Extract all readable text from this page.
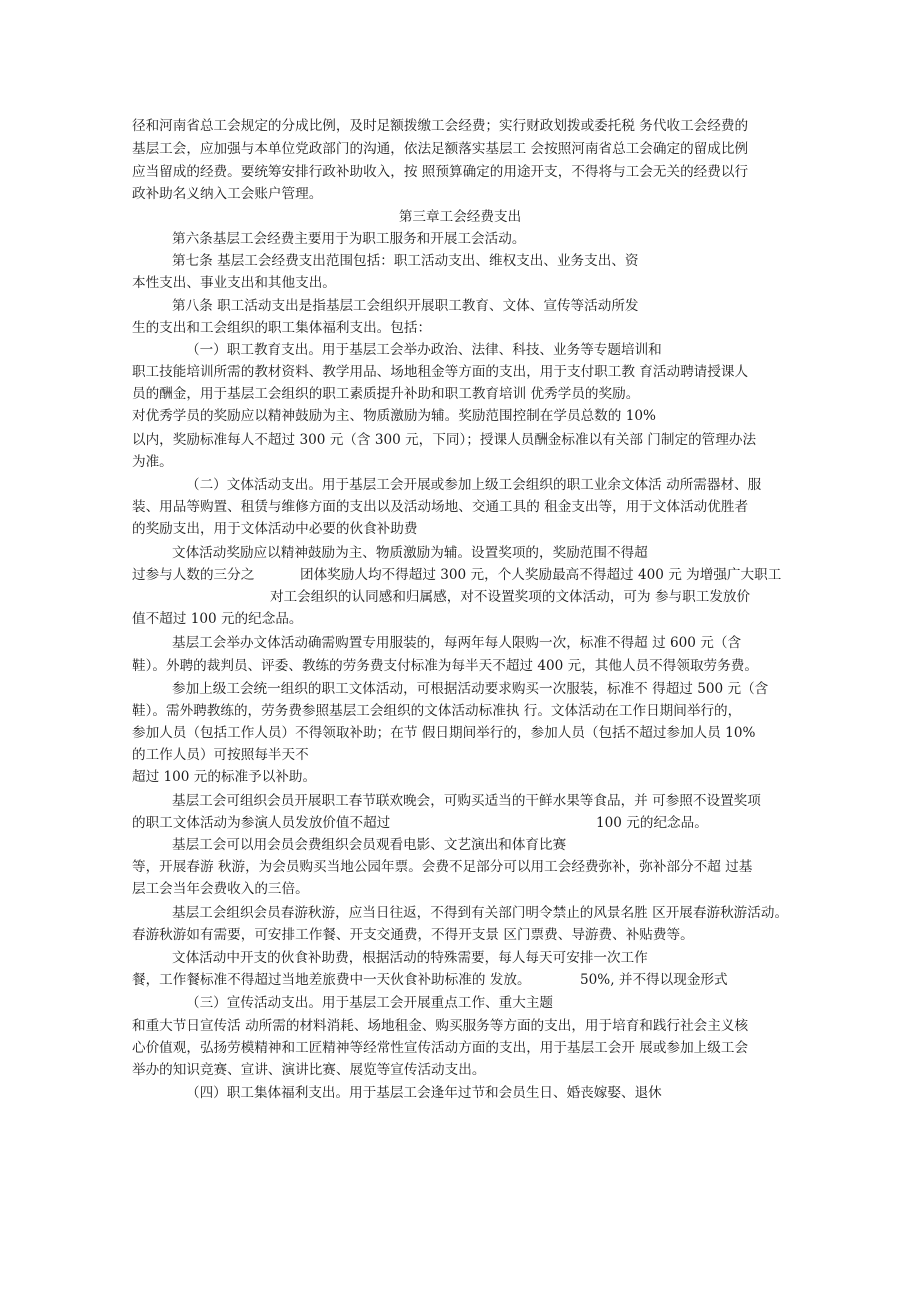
径和河南省总工会规定的分成比例，及时足额拨缴工会经费；实行财政划拨或委托税 务代收工会经费的
基层工会，应加强与本单位党政部门的沟通，依法足额落实基层工 会按照河南省总工会确定的留成比例
应当留成的经费。要统筹安排行政补助收入，按 照预算确定的用途开支，不得将与工会无关的经费以行
政补助名义纳入工会账户管理。
第三章工会经费支出
第六条基层工会经费主要用于为职工服务和开展工会活动。
第七条 基层工会经费支出范围包括：职工活动支出、维权支出、业务支出、资
本性支出、事业支出和其他支出。
第八条 职工活动支出是指基层工会组织开展职工教育、文体、宣传等活动所发
生的支出和工会组织的职工集体福利支出。包括：
（一）职工教育支出。用于基层工会举办政治、法律、科技、业务等专题培训和
职工技能培训所需的教材资料、教学用品、场地租金等方面的支出，用于支付职工教 育活动聘请授课人
员的酬金，用于基层工会组织的职工素质提升补助和职工教育培训 优秀学员的奖励。
对优秀学员的奖励应以精神鼓励为主、物质激励为辅。奖励范围控制在学员总数的 10%
以内，奖励标准每人不超过 300 元（含 300 元，下同）；授课人员酬金标准以有关部 门制定的管理办法
为准。
（二）文体活动支出。用于基层工会开展或参加上级工会组织的职工业余文体活 动所需器材、服
装、用品等购置、租赁与维修方面的支出以及活动场地、交通工具的 租金支出等，用于文体活动优胜者
的奖励支出，用于文体活动中必要的伙食补助费
文体活动奖励应以精神鼓励为主、物质激励为辅。设置奖项的，奖励范围不得超
过参与人数的三分之	团体奖励人均不得超过 300 元，个人奖励最高不得超过 400 元 为增强广大职工
对工会组织的认同感和归属感，对不设置奖项的文体活动，可为 参与职工发放价
值不超过 100 元的纪念品。
基层工会举办文体活动确需购置专用服装的，每两年每人限购一次，标准不得超 过 600 元（含
鞋）。外聘的裁判员、评委、教练的劳务费支付标准为每半天不超过 400 元，其他人员不得领取劳务费。
参加上级工会统一组织的职工文体活动，可根据活动要求购买一次服装，标准不 得超过 500 元（含
鞋）。需外聘教练的，劳务费参照基层工会组织的文体活动标准执 行。文体活动在工作日期间举行的，
参加人员（包括工作人员）不得领取补助；在节 假日期间举行的，参加人员（包括不超过参加人员 10%
的工作人员）可按照每半天不
超过 100 元的标准予以补助。
基层工会可组织会员开展职工春节联欢晚会，可购买适当的干鲜水果等食品，并 可参照不设置奖项
的职工文体活动为参演人员发放价值不超过	100 元的纪念品。
基层工会可以用会员会费组织会员观看电影、文艺演出和体育比赛
等，开展春游 秋游，为会员购买当地公园年票。会费不足部分可以用工会经费弥补，弥补部分不超 过基
层工会当年会费收入的三倍。
基层工会组织会员春游秋游，应当日往返，不得到有关部门明令禁止的风景名胜 区开展春游秋游活动。
春游秋游如有需要，可安排工作餐、开支交通费，不得开支景 区门票费、导游费、补贴费等。
文体活动中开支的伙食补助费，根据活动的特殊需要，每人每天可安排一次工作
餐，工作餐标准不得超过当地差旅费中一天伙食补助标准的 发放。	50%, 并不得以现金形式
（三）宣传活动支出。用于基层工会开展重点工作、重大主题
和重大节日宣传活 动所需的材料消耗、场地租金、购买服务等方面的支出，用于培育和践行社会主义核
心价值观，弘扬劳模精神和工匠精神等经常性宣传活动方面的支出，用于基层工会开 展或参加上级工会
举办的知识竞赛、宣讲、演讲比赛、展览等宣传活动支出。
（四）职工集体福利支出。用于基层工会逢年过节和会员生日、婚丧嫁娶、退休
